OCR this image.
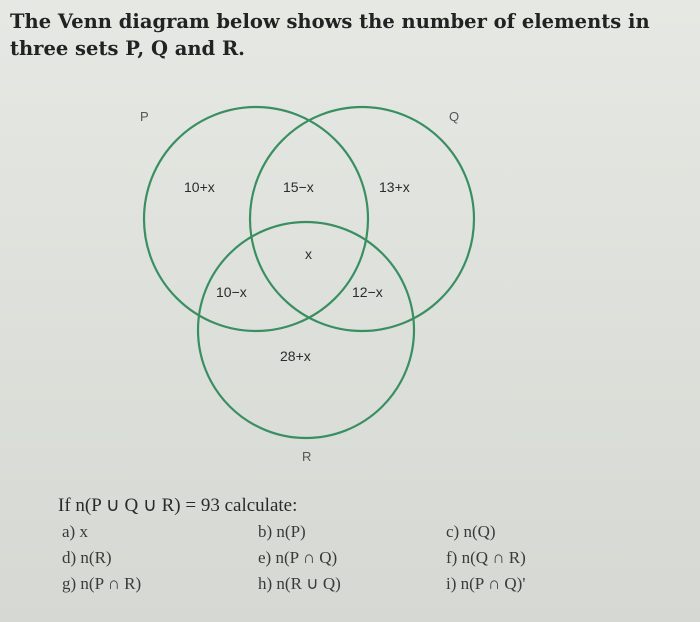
The Venn diagram below shows the number of elements in
three sets P, Q and R.
P	Q
R
10+x	15−x	13+x
x
10−x	12−x
28+x
If n(P ∪ Q ∪ R) = 93 calculate:
a) x	b) n(P)	c) n(Q)
d) n(R)	e) n(P ∩ Q)	f) n(Q ∩ R)
g) n(P ∩ R)	h) n(R ∪ Q)	i) n(P ∩ Q)'
